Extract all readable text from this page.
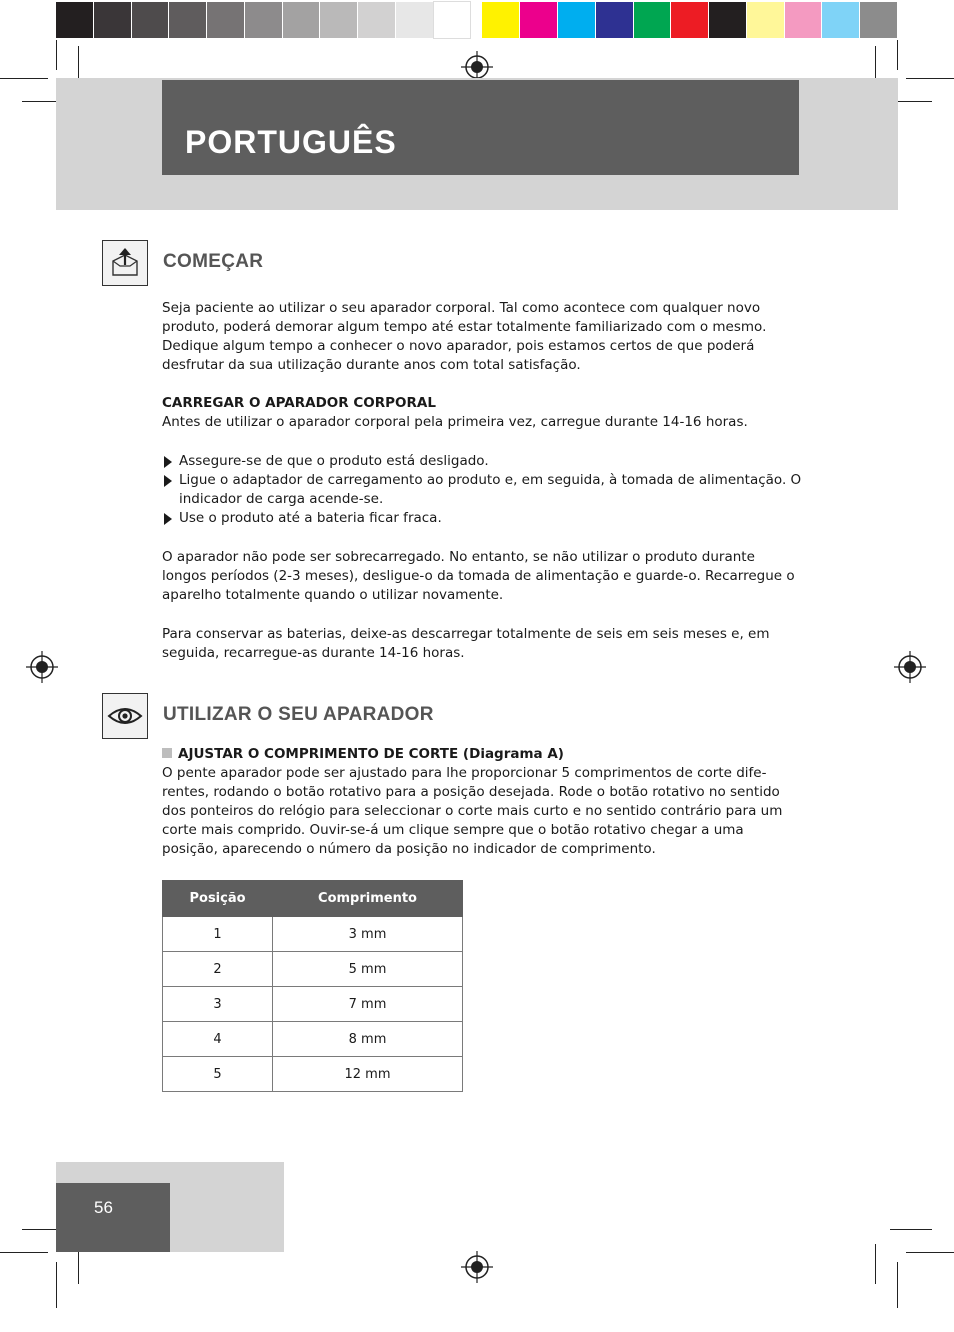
PORTUGUÊS
COMEÇAR

Seja paciente ao utilizar o seu aparador corporal. Tal como acontece com qualquer novo produto, poderá demorar algum tempo até estar totalmente familiarizado com o mesmo. Dedique algum tempo a conhecer o novo aparador, pois estamos certos de que poderá desfrutar da sua utilização durante anos com total satisfação.

CARREGAR O APARADOR CORPORAL

Antes de utilizar o aparador corporal pela primeira vez, carregue durante 14-16 horas.

Assegure-se de que o produto está desligado.
Ligue o adaptador de carregamento ao produto e, em seguida, à tomada de alimentação. O indicador de carga acende-se.
Use o produto até a bateria ficar fraca.

O aparador não pode ser sobrecarregado. No entanto, se não utilizar o produto durante longos períodos (2-3 meses), desligue-o da tomada de alimentação e guarde-o. Recarregue o aparelho totalmente quando o utilizar novamente.

Para conservar as baterias, deixe-as descarregar totalmente de seis em seis meses e, em seguida, recarregue-as durante 14-16 horas.

UTILIZAR O SEU APARADOR

AJUSTAR O COMPRIMENTO DE CORTE (Diagrama A)

O pente aparador pode ser ajustado para lhe proporcionar 5 comprimentos de corte dife-rentes, rodando o botão rotativo para a posição desejada. Rode o botão rotativo no sentido dos ponteiros do relógio para seleccionar o corte mais curto e no sentido contrário para um corte mais comprido. Ouvir-se-á um clique sempre que o botão rotativo chegar a uma posição, aparecendo o número da posição no indicador de comprimento.

Posição	Comprimento
1	3 mm
2	5 mm
3	7 mm
4	8 mm
5	12 mm
56
